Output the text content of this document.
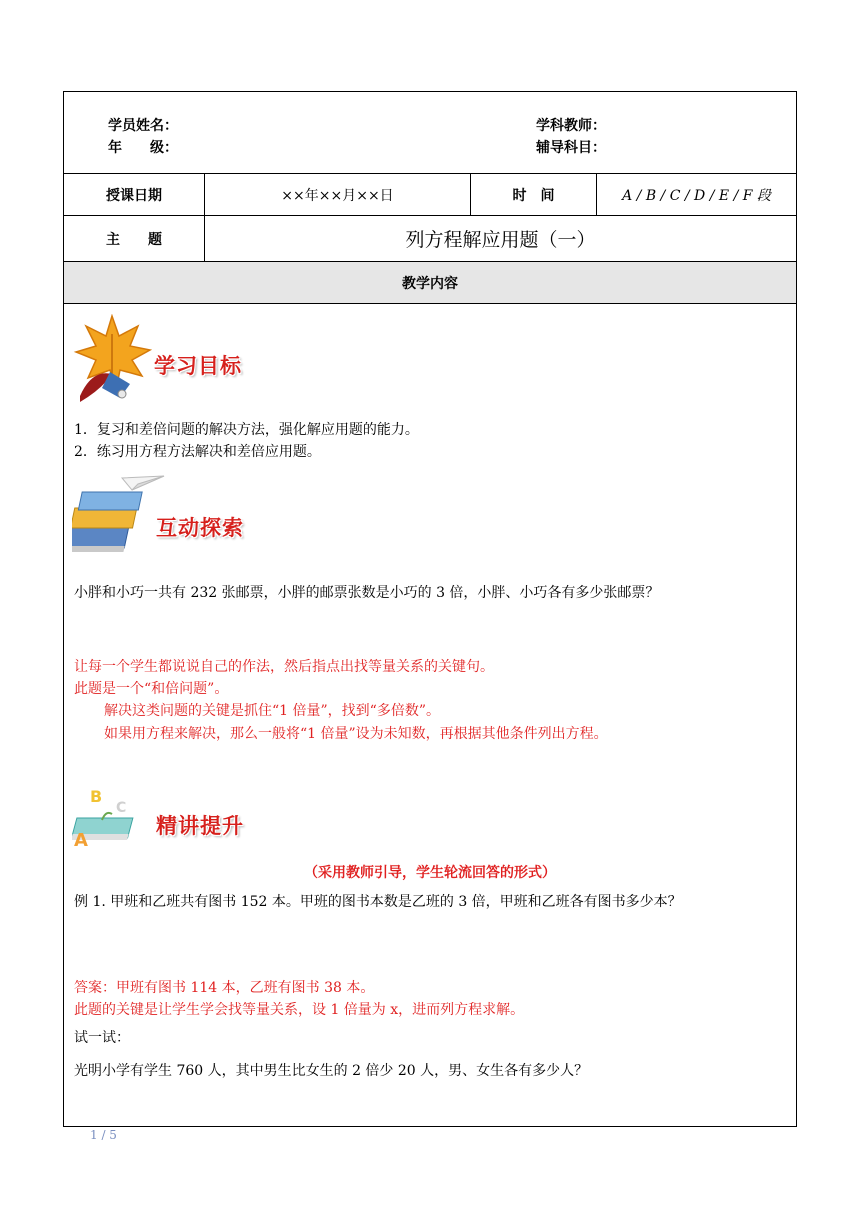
学员姓名：
年　　级：
学科教师：
辅导科目：
授课日期	××年××月××日	时　间	A / B / C / D / E / F 段
主　　题	列方程解应用题（一）
教学内容
学习目标
1．复习和差倍问题的解决方法，强化解应用题的能力。
2．练习用方程方法解决和差倍应用题。
互动探索
小胖和小巧一共有 232 张邮票，小胖的邮票张数是小巧的 3 倍，小胖、小巧各有多少张邮票？
让每一个学生都说说自己的作法，然后指点出找等量关系的关键句。
此题是一个“和倍问题”。
解决这类问题的关键是抓住“1 倍量”，找到“多倍数”。
如果用方程来解决，那么一般将“1 倍量”设为未知数，再根据其他条件列出方程。
B
C
A
精讲提升
（采用教师引导，学生轮流回答的形式）
例 1. 甲班和乙班共有图书 152 本。甲班的图书本数是乙班的 3 倍，甲班和乙班各有图书多少本？
答案：甲班有图书 114 本，乙班有图书 38 本。
此题的关键是让学生学会找等量关系，设 1 倍量为 x，进而列方程求解。
试一试：
光明小学有学生 760 人，其中男生比女生的 2 倍少 20 人，男、女生各有多少人？
1 / 5
